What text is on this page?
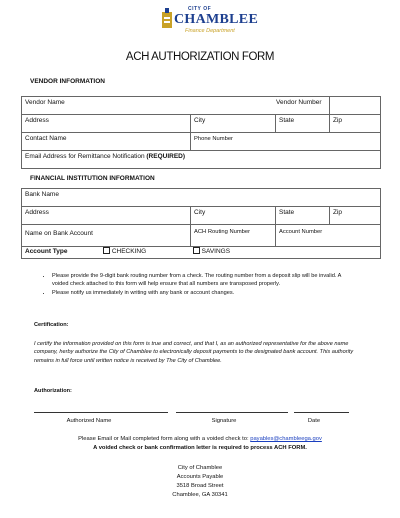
CITY OF
CHAMBLEE
Finance Department
ACH AUTHORIZATION FORM
VENDOR INFORMATION
Vendor Name			Vendor Number
Address	City	State	Zip
Contact Name	Phone Number		
Email Address for Remittance Notification (REQUIRED)			
FINANCIAL INSTITUTION INFORMATION
Bank Name			
Address	City	State	Zip
Name on Bank Account	ACH Routing Number	Account Number	
Account Type CHECKING SAVINGS			
• Please provide the 9-digit bank routing number from a check. The routing number from a deposit slip will be invalid. A voided check attached to this form will help ensure that all numbers are transposed properly.
• Please notify us immediately in writing with any bank or account changes.
Certification:
I certify the information provided on this form is true and correct, and that I, as an authorized representative for the above name company, herby authorize the City of Chamblee to electronically deposit payments to the designated bank account. This authority remains in full force until written notice is received by The City of Chamblee.
Authorization:
Authorized Name	Signature	Date
Please Email or Mail completed form along with a voided check to: payables@chambleega.gov
A voided check or bank confirmation letter is required to process ACH FORM.
City of Chamblee
Accounts Payable
3518 Broad Street
Chamblee, GA 30341
